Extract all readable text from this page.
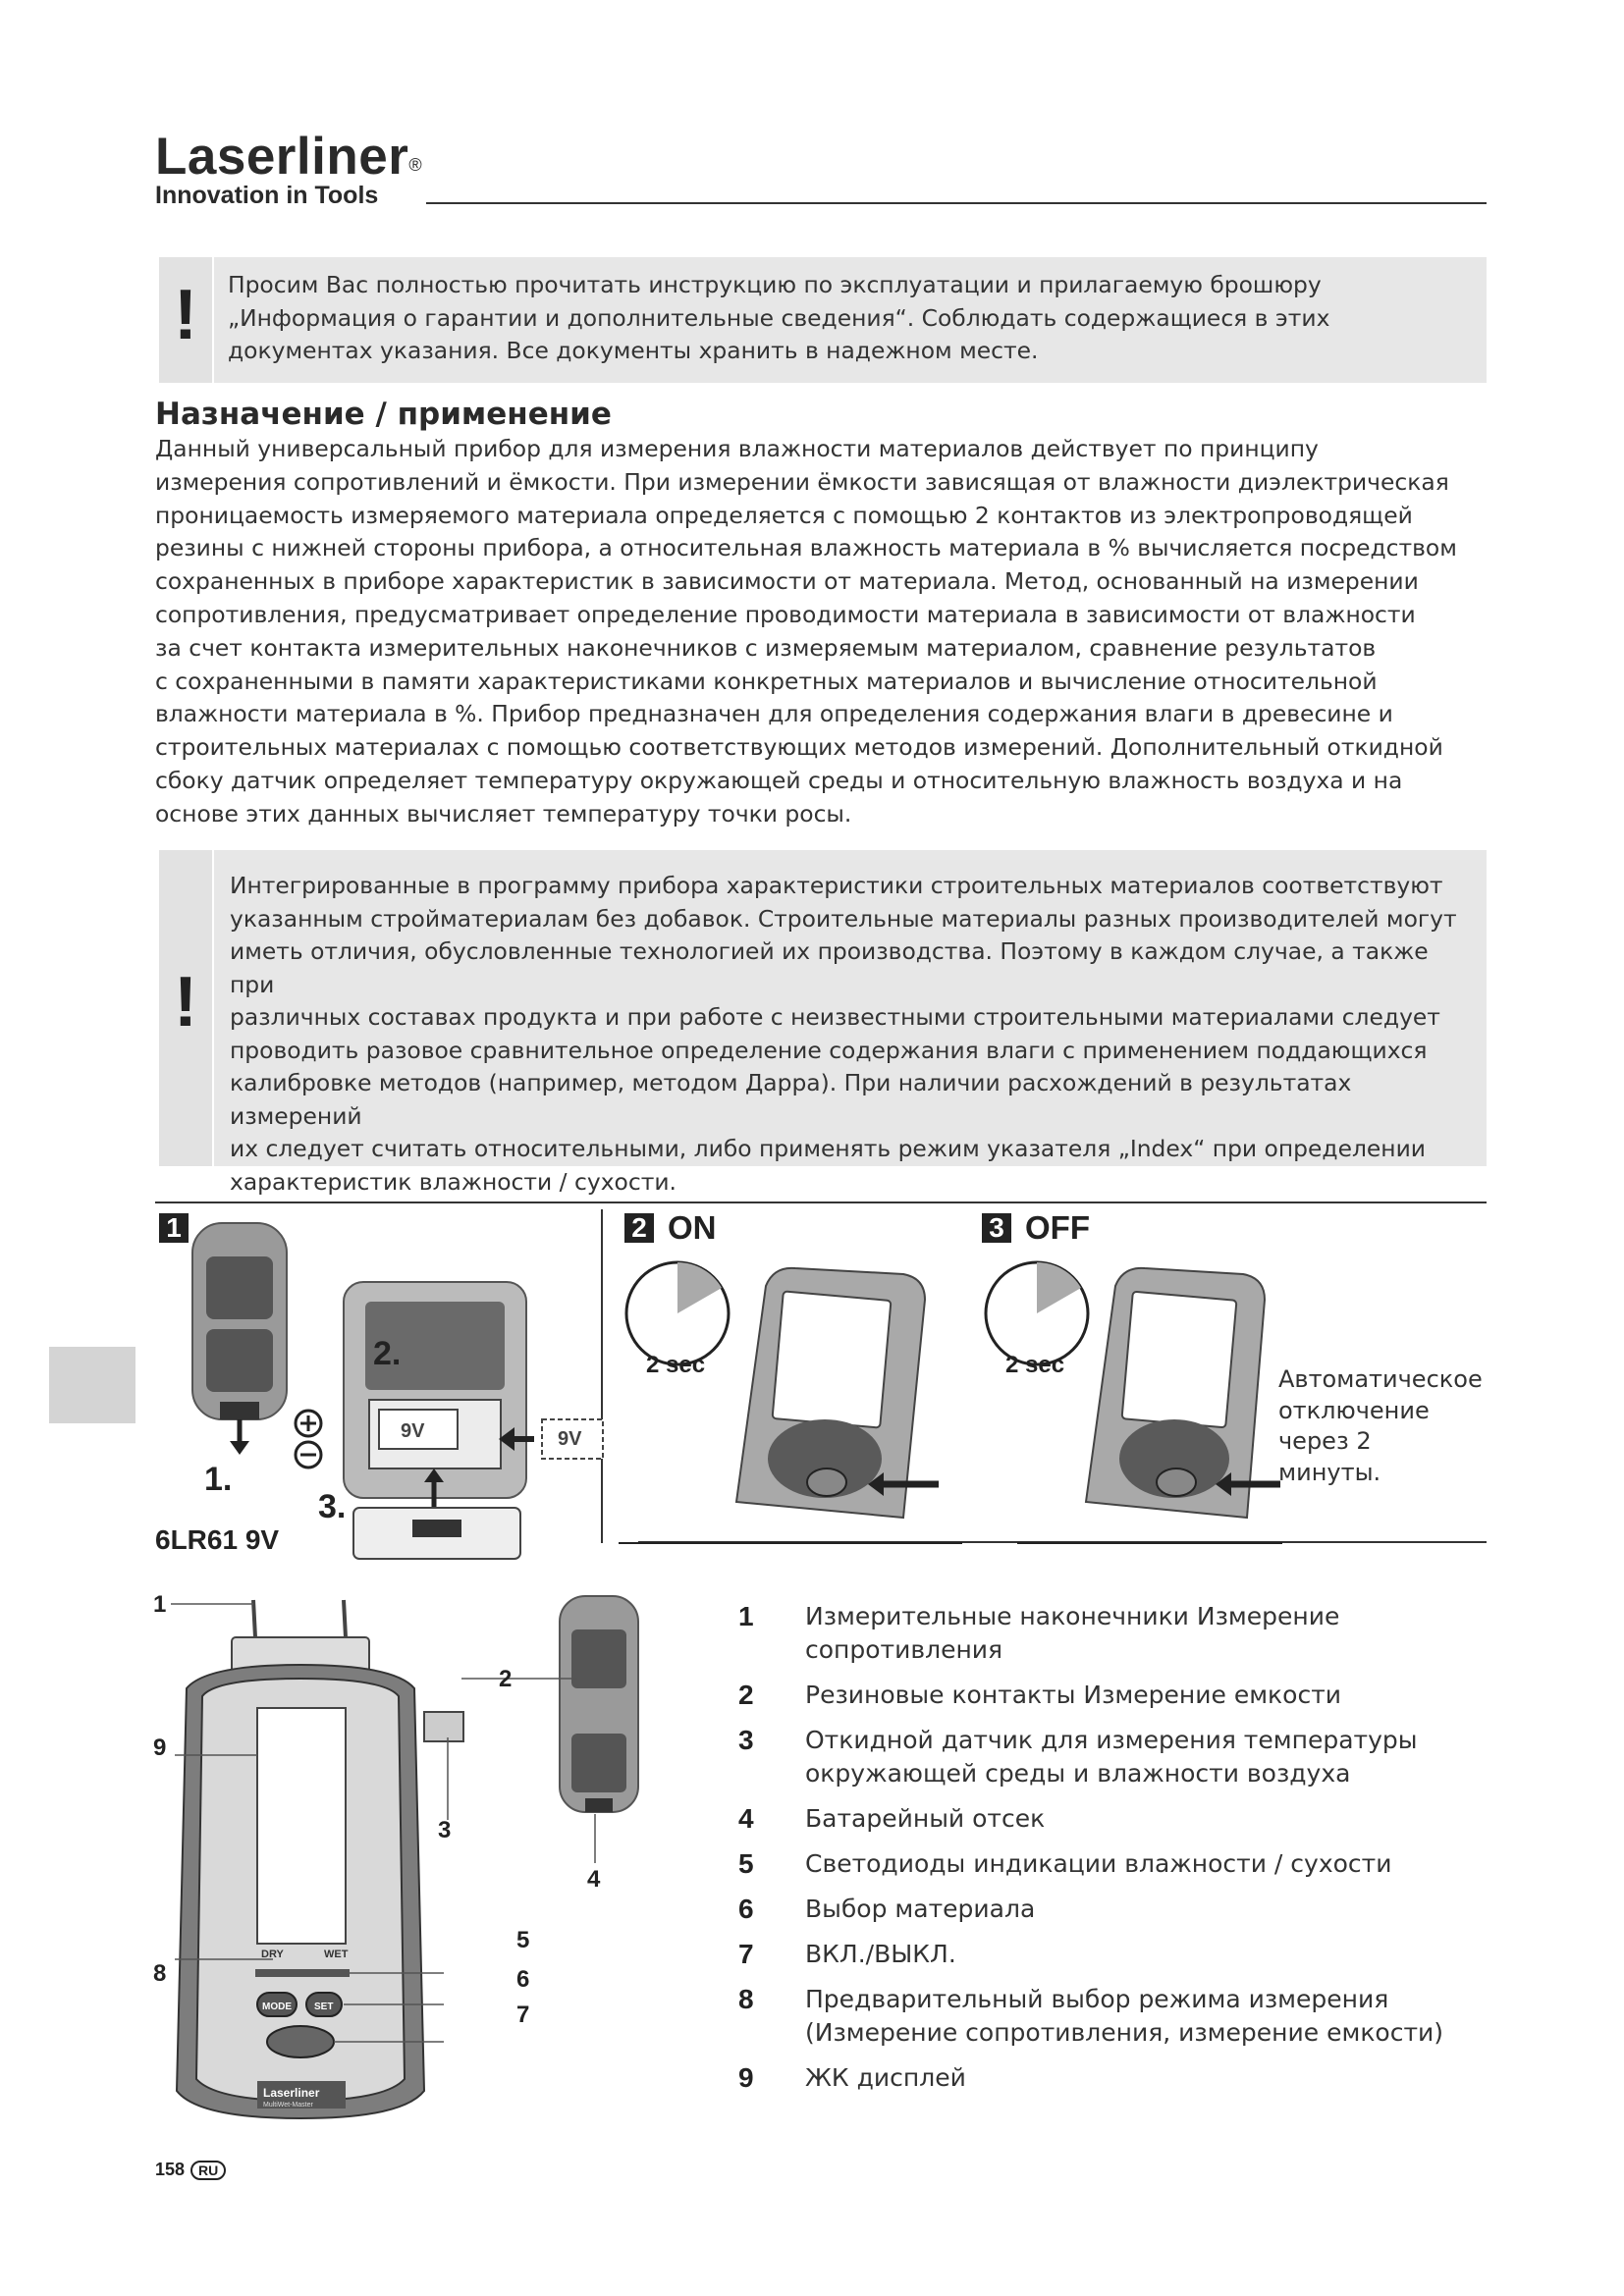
Laserliner®
Innovation in Tools
!	Просим Вас полностью прочитать инструкцию по эксплуатации и прилагаемую брошюру
„Информация о гарантии и дополнительные сведения“. Соблюдать содержащиеся в этих
документах указания. Все документы хранить в надежном месте.
Назначение / применение
Данный универсальный прибор для измерения влажности материалов действует по принципу
измерения сопротивлений и ёмкости. При измерении ёмкости зависящая от влажности диэлектрическая
проницаемость измеряемого материала определяется с помощью 2 контактов из электропроводящей
резины с нижней стороны прибора, а относительная влажность материала в % вычисляется посредством
сохраненных в приборе характеристик в зависимости от материала. Метод, основанный на измерении
сопротивления, предусматривает определение проводимости материала в зависимости от влажности
за счет контакта измерительных наконечников с измеряемым материалом, сравнение результатов
с сохраненными в памяти характеристиками конкретных материалов и вычисление относительной
влажности материала в %. Прибор предназначен для определения содержания влаги в древесине и
строительных материалах с помощью соответствующих методов измерений. Дополнительный откидной
сбоку датчик определяет температуру окружающей среды и относительную влажность воздуха и на
основе этих данных вычисляет температуру точки росы.
!
Интегрированные в программу прибора характеристики строительных материалов соответствуют
указанным стройматериалам без добавок. Строительные материалы разных производителей могут
иметь отличия, обусловленные технологией их производства. Поэтому в каждом случае, а также при
различных составах продукта и при работе с неизвестными строительными материалами следует
проводить разовое сравнительное определение содержания влаги с применением поддающихся
калибровке методов (например, методом Дарра). При наличии расхождений в результатах измерений
их следует считать относительными, либо применять режим указателя „Index“ при определении
характеристик влажности / сухости.
1
2.
9V	9V
1.
3.
6LR61 9V
2 ON
2 sec
3 OFF
2 sec
Автоматическое
отключение
через 2 минуты.
DRY	WET
MODE SET
Laserliner
MultiWet-Master
1
2
3
4
5
6
7
8
9
1	Измерительные наконечники Измерение
сопротивления
2	Резиновые контакты Измерение емкости
3	Откидной датчик для измерения температуры
окружающей среды и влажности воздуха
4	Батарейный отсек
5	Светодиоды индикации влажности / сухости
6	Выбор материала
7	ВКЛ./ВЫКЛ.
8	Предварительный выбор режима измерения
(Измерение сопротивления, измерение емкости)
9	ЖК дисплей
158 RU
